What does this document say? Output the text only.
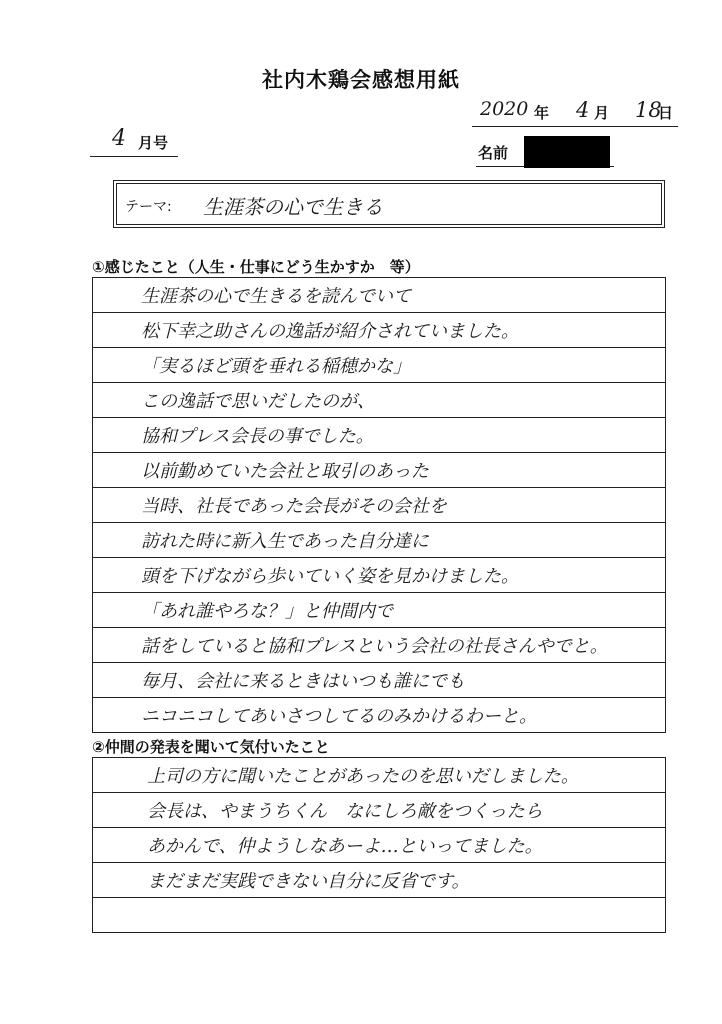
社内木鶏会感想用紙
2020 年 4 月 18
日
4 月号
名前
テーマ: 生涯茶の心で生きる
①感じたこと（人生・仕事にどう生かすか　等）
生涯茶の心で生きるを読んでいて
松下幸之助さんの逸話が紹介されていました。
「実るほど頭を垂れる稲穂かな」
この逸話で思いだしたのが、
協和プレス会長の事でした。
以前勤めていた会社と取引のあった
当時、社長であった会長がその会社を
訪れた時に新入生であった自分達に
頭を下げながら歩いていく姿を見かけました。
「あれ誰やろな？」と仲間内で
話をしていると協和プレスという会社の社長さんやでと。
毎月、会社に来るときはいつも誰にでも
ニコニコしてあいさつしてるのみかけるわーと。
②仲間の発表を聞いて気付いたこと
上司の方に聞いたことがあったのを思いだしました。
会長は、やまうちくん　なにしろ敵をつくったら
あかんで、仲ようしなあーよ…といってました。
まだまだ実践できない自分に反省です。
